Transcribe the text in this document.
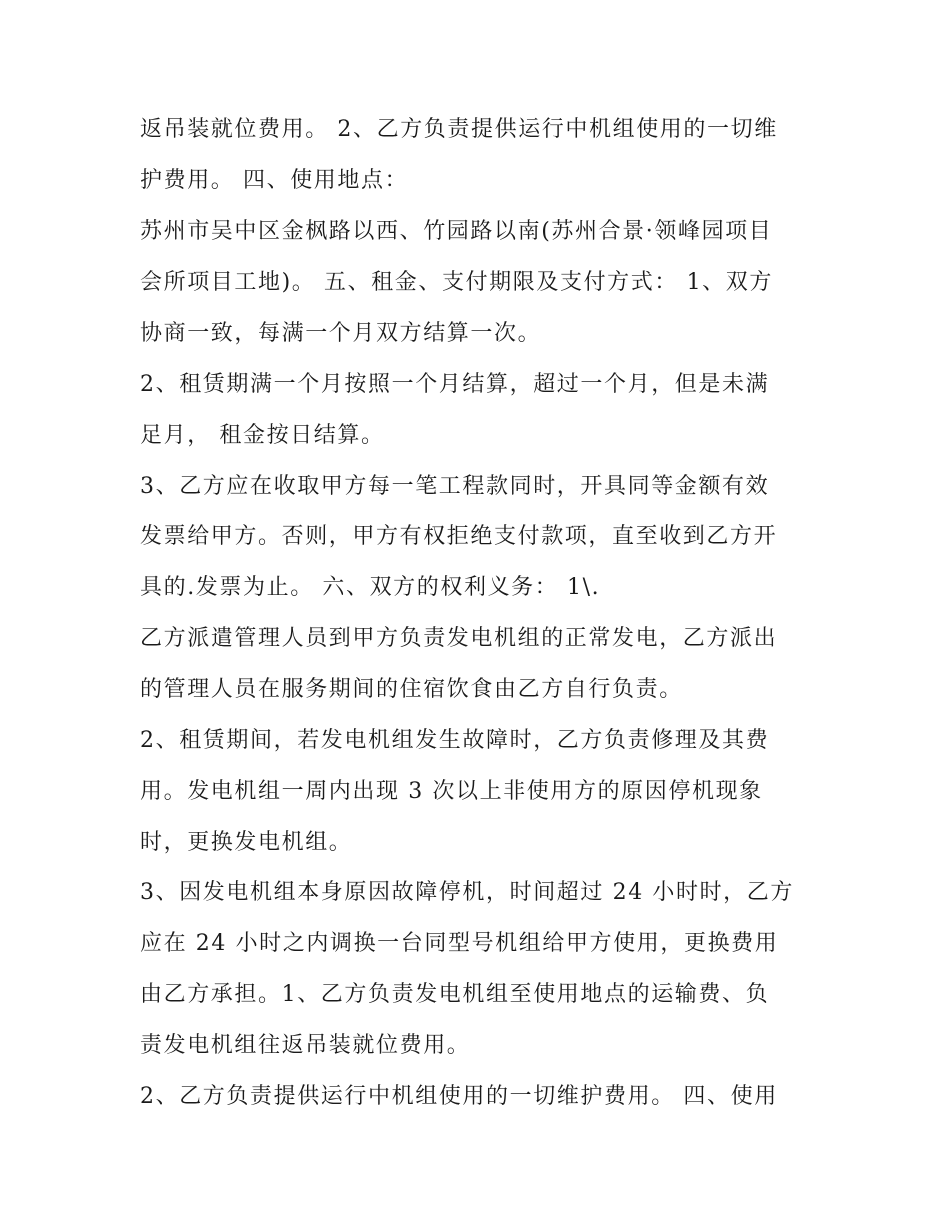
返吊装就位费用。 2、乙方负责提供运行中机组使用的一切维
护费用。 四、使用地点：
苏州市吴中区金枫路以西、竹园路以南(苏州合景·领峰园项目
会所项目工地)。 五、租金、支付期限及支付方式： 1、双方
协商一致，每满一个月双方结算一次。
2、租赁期满一个月按照一个月结算，超过一个月，但是未满
足月， 租金按日结算。
3、乙方应在收取甲方每一笔工程款同时，开具同等金额有效
发票给甲方。否则，甲方有权拒绝支付款项，直至收到乙方开
具的.发票为止。 六、双方的权利义务： 1\.
乙方派遣管理人员到甲方负责发电机组的正常发电，乙方派出
的管理人员在服务期间的住宿饮食由乙方自行负责。
2、租赁期间，若发电机组发生故障时，乙方负责修理及其费
用。发电机组一周内出现 3 次以上非使用方的原因停机现象
时，更换发电机组。
3、因发电机组本身原因故障停机，时间超过 24 小时时，乙方
应在 24 小时之内调换一台同型号机组给甲方使用，更换费用
由乙方承担。1、乙方负责发电机组至使用地点的运输费、负
责发电机组往返吊装就位费用。
2、乙方负责提供运行中机组使用的一切维护费用。 四、使用
